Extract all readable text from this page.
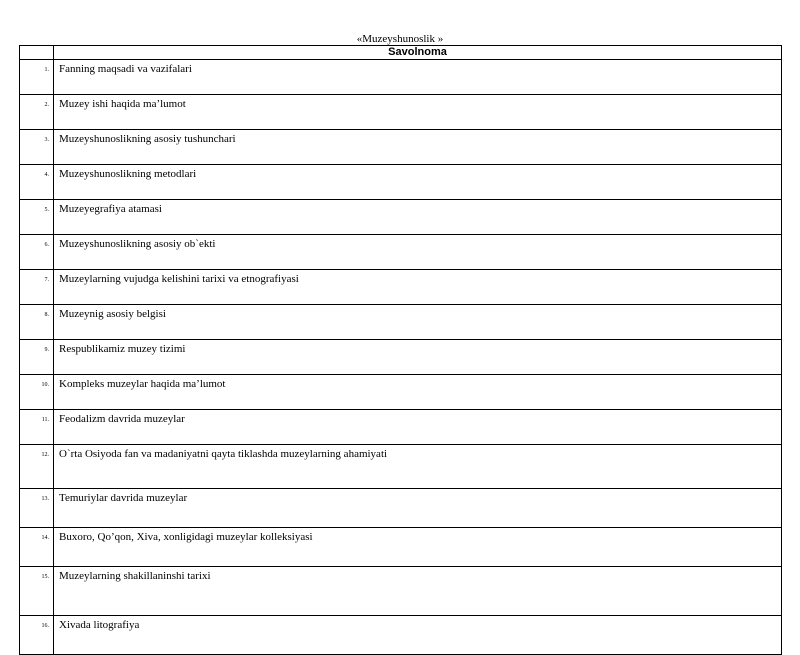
«Muzeyshunoslik »
	Savolnoma
1.	Fanning maqsadi va vazifalari
2.	Muzey ishi haqida ma’lumot
3.	Muzeyshunoslikning asosiy tushunchari
4.	Muzeyshunoslikning metodlari
5.	Muzeyegrafiya atamasi
6.	Muzeyshunoslikning asosiy ob`ekti
7.	Muzeylarning vujudga kelishini tarixi va etnografiyasi
8.	Muzeynig asosiy belgisi
9.	Respublikamiz muzey tizimi
10.	Kompleks muzeylar haqida ma’lumot
11.	Feodalizm davrida muzeylar
12.	O`rta Osiyoda fan va madaniyatni qayta tiklashda muzeylarning ahamiyati
13.	Temuriylar davrida muzeylar
14.	Buxoro, Qo’qon, Xiva, xonligidagi muzeylar kolleksiyasi
15.	Muzeylarning shakillaninshi tarixi
16.	Xivada litografiya
